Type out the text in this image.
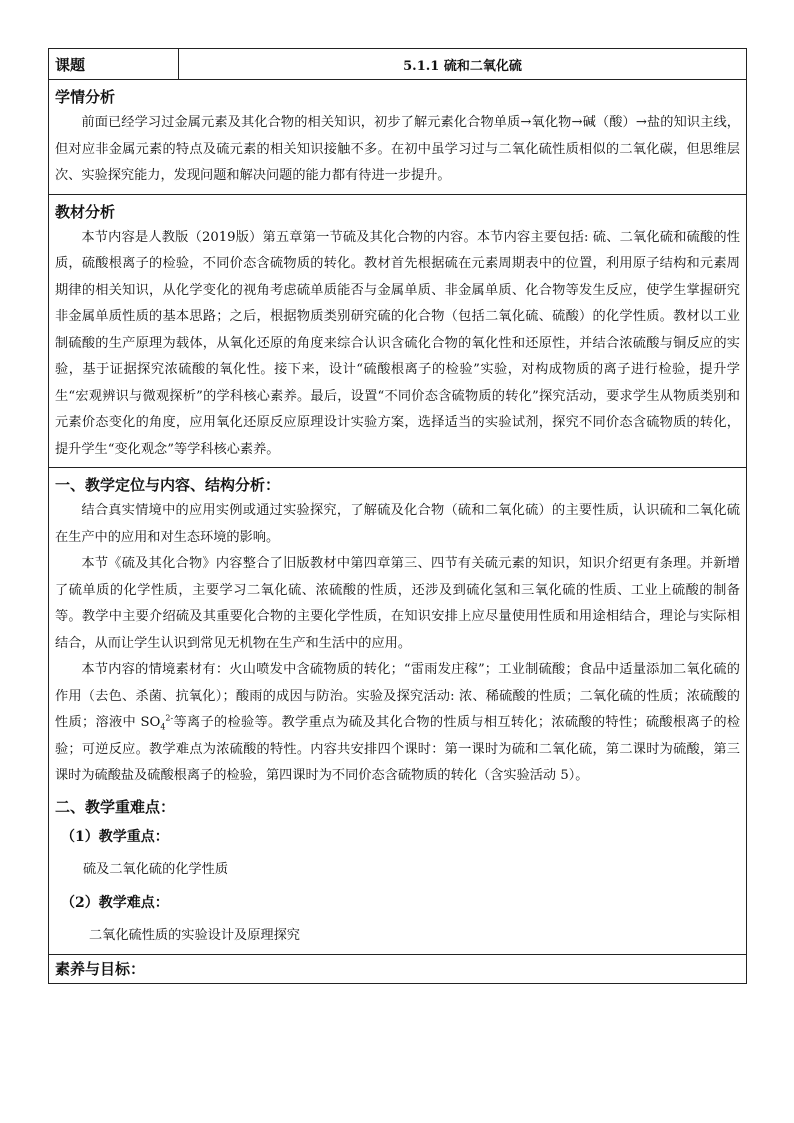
课题	5.1.1 硫和二氧化硫

学情分析

前面已经学习过金属元素及其化合物的相关知识，初步了解元素化合物单质→氧化物→碱（酸）→盐的知识主线，但对应非金属元素的特点及硫元素的相关知识接触不多。在初中虽学习过与二氧化硫性质相似的二氧化碳，但思维层次、实验探究能力，发现问题和解决问题的能力都有待进一步提升。

教材分析

本节内容是人教版（2019版）第五章第一节硫及其化合物的内容。本节内容主要包括: 硫、二氧化硫和硫酸的性质，硫酸根离子的检验，不同价态含硫物质的转化。教材首先根据硫在元素周期表中的位置，利用原子结构和元素周期律的相关知识，从化学变化的视角考虑硫单质能否与金属单质、非金属单质、化合物等发生反应，使学生掌握研究非金属单质性质的基本思路；之后，根据物质类别研究硫的化合物（包括二氧化硫、硫酸）的化学性质。教材以工业制硫酸的生产原理为载体，从氧化还原的角度来综合认识含硫化合物的氧化性和还原性，并结合浓硫酸与铜反应的实验，基于证据探究浓硫酸的氧化性。接下来，设计“硫酸根离子的检验”实验，对构成物质的离子进行检验，提升学生“宏观辨识与微观探析”的学科核心素养。最后，设置“不同价态含硫物质的转化”探究活动，要求学生从物质类别和元素价态变化的角度，应用氧化还原反应原理设计实验方案，选择适当的实验试剂，探究不同价态含硫物质的转化，提升学生“变化观念”等学科核心素养。

一、教学定位与内容、结构分析：

结合真实情境中的应用实例或通过实验探究，了解硫及化合物（硫和二氧化硫）的主要性质，认识硫和二氧化硫在生产中的应用和对生态环境的影响。

本节《硫及其化合物》内容整合了旧版教材中第四章第三、四节有关硫元素的知识，知识介绍更有条理。并新增了硫单质的化学性质，主要学习二氧化硫、浓硫酸的性质，还涉及到硫化氢和三氧化硫的性质、工业上硫酸的制备等。教学中主要介绍硫及其重要化合物的主要化学性质，在知识安排上应尽量使用性质和用途相结合，理论与实际相结合，从而让学生认识到常见无机物在生产和生活中的应用。

本节内容的情境素材有：火山喷发中含硫物质的转化；“雷雨发庄稼”；工业制硫酸；食品中适量添加二氧化硫的作用（去色、杀菌、抗氧化）；酸雨的成因与防治。实验及探究活动: 浓、稀硫酸的性质；二氧化硫的性质；浓硫酸的性质；溶液中 $SO_4^{2-}$等离子的检验等。教学重点为硫及其化合物的性质与相互转化；浓硫酸的特性；硫酸根离子的检验；可逆反应。教学难点为浓硫酸的特性。内容共安排四个课时：第一课时为硫和二氧化硫，第二课时为硫酸，第三课时为硫酸盐及硫酸根离子的检验，第四课时为不同价态含硫物质的转化（含实验活动 5）。

二、教学重难点：
（1）教学重点：
硫及二氧化硫的化学性质
（2）教学难点：
二氧化硫性质的实验设计及原理探究

素养与目标：
